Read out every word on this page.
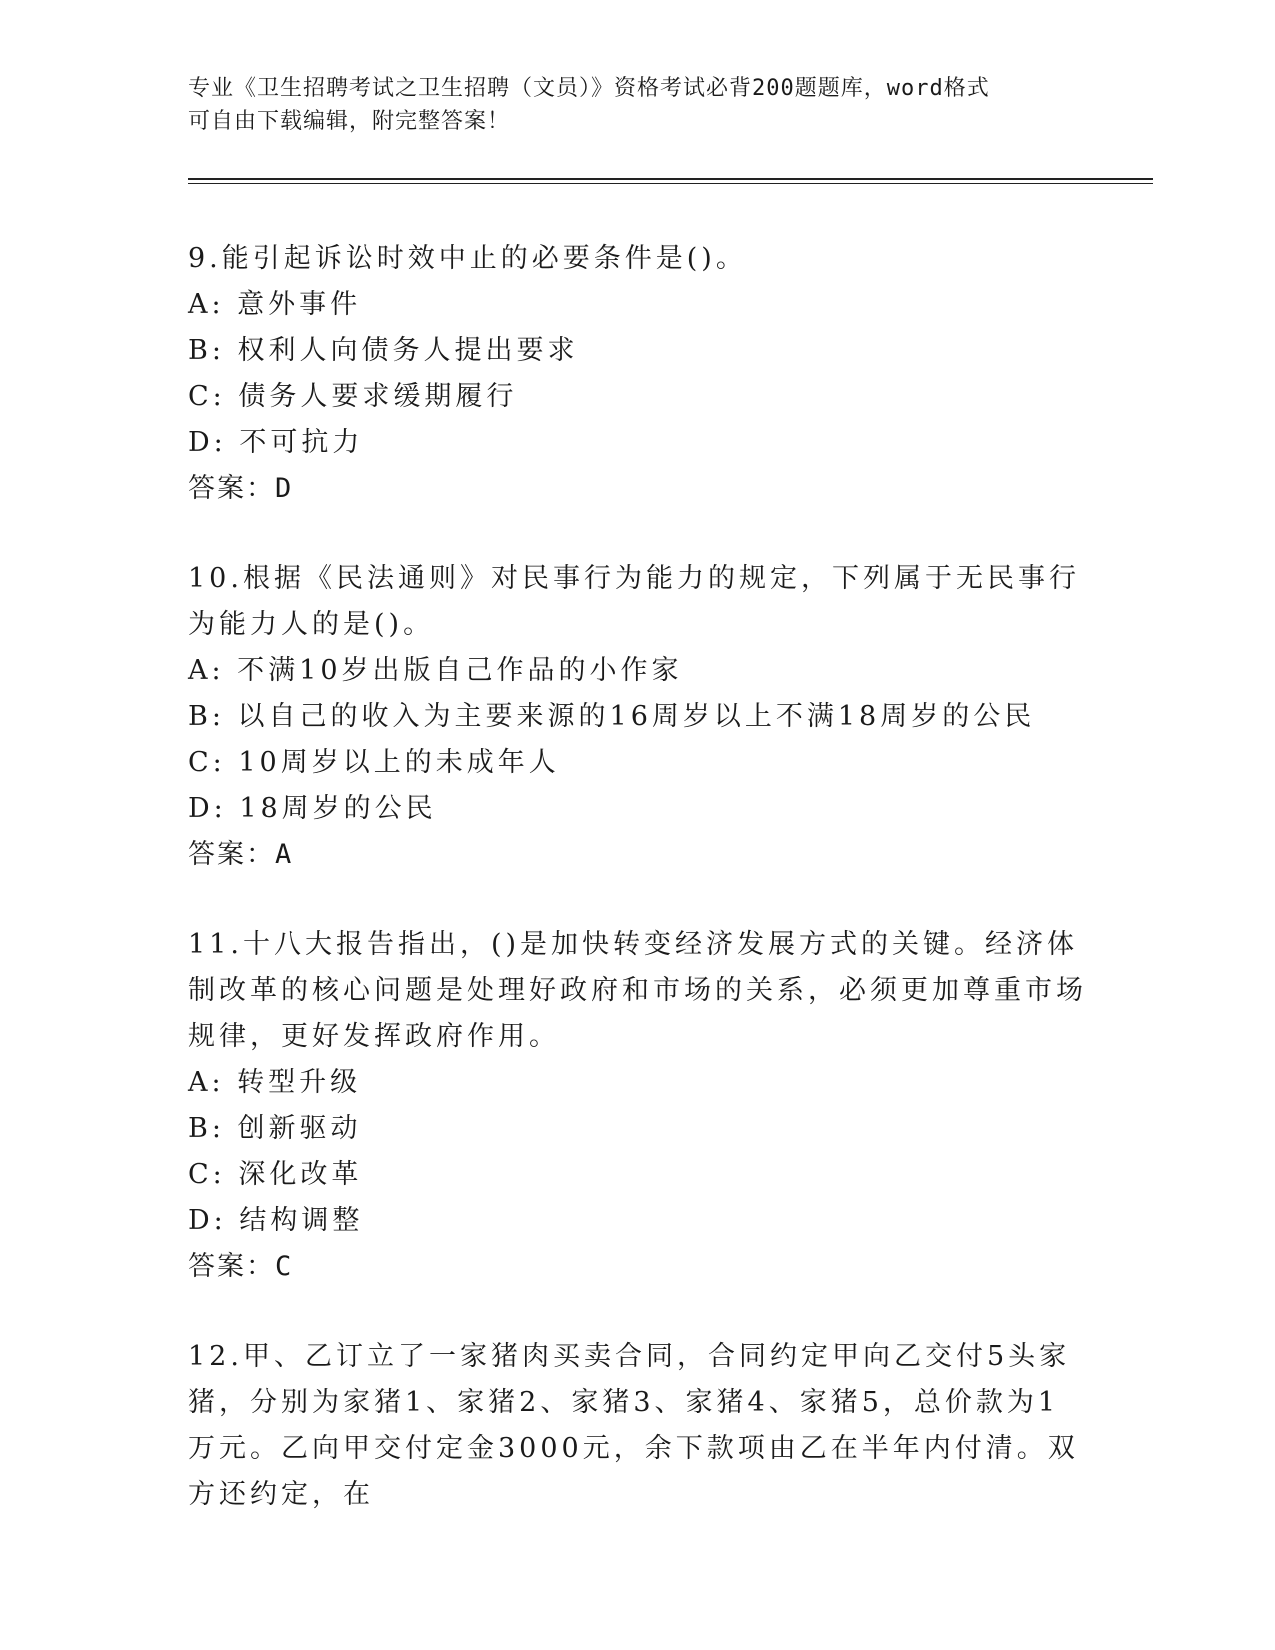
专业《卫生招聘考试之卫生招聘（文员）》资格考试必背200题题库，word格式
可自由下载编辑，附完整答案！
9.能引起诉讼时效中止的必要条件是()。
A: 意外事件
B: 权利人向债务人提出要求
C: 债务人要求缓期履行
D: 不可抗力
答案：D
10.根据《民法通则》对民事行为能力的规定，下列属于无民事行为能力人的是()。
A: 不满10岁出版自己作品的小作家
B: 以自己的收入为主要来源的16周岁以上不满18周岁的公民
C: 10周岁以上的未成年人
D: 18周岁的公民
答案：A
11.十八大报告指出，()是加快转变经济发展方式的关键。经济体制改革的核心问题是处理好政府和市场的关系，必须更加尊重市场规律，更好发挥政府作用。
A: 转型升级
B: 创新驱动
C: 深化改革
D: 结构调整
答案：C
12.甲、乙订立了一家猪肉买卖合同，合同约定甲向乙交付5头家猪，分别为家猪1、家猪2、家猪3、家猪4、家猪5，总价款为1万元。乙向甲交付定金3000元，余下款项由乙在半年内付清。双方还约定，在
